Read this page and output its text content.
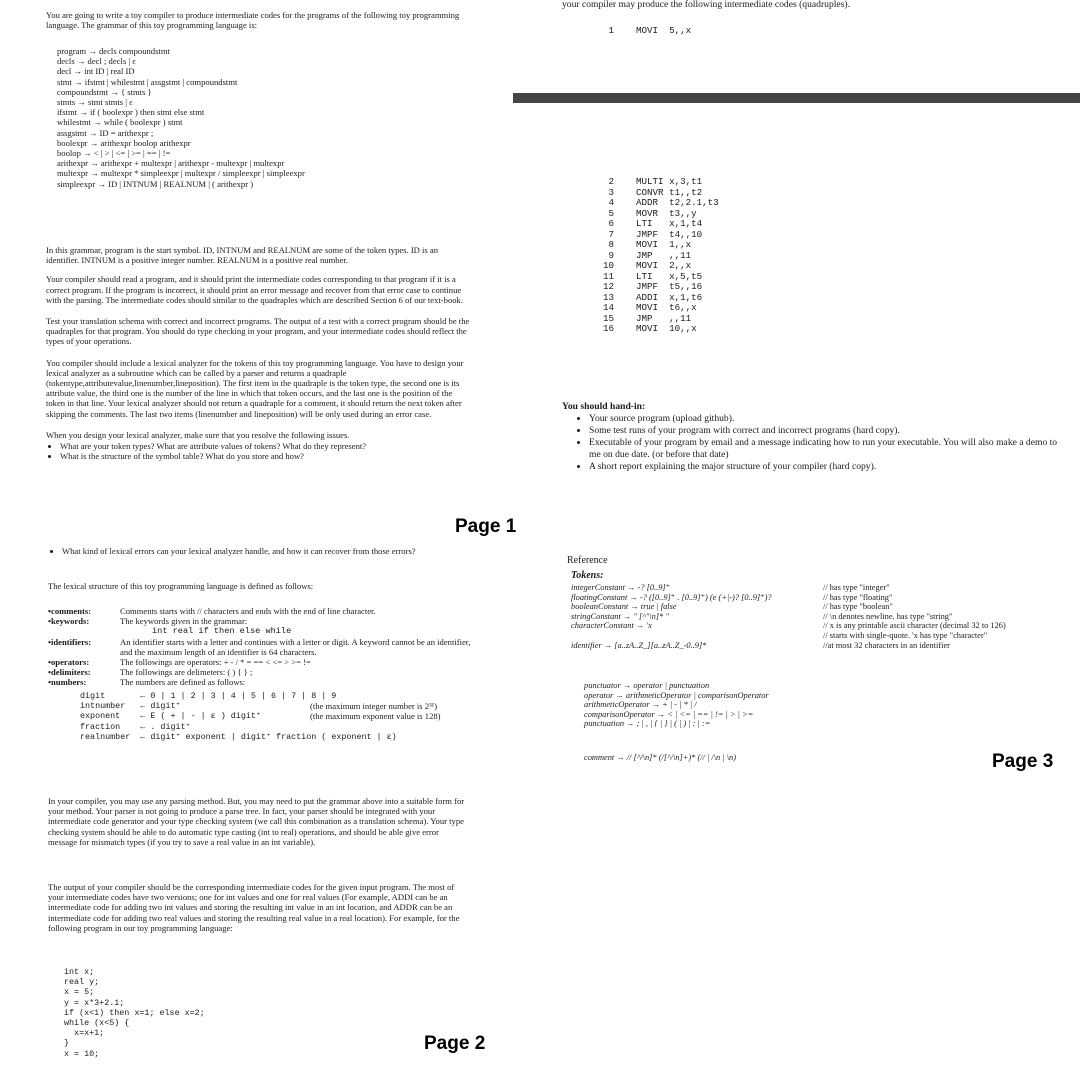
You are going to write a toy compiler to produce intermediate codes for the programs of the following toy programming language. The grammar of this toy programming language is:
program → decls compoundstmt
decls → decl ; decls | ε
decl → int ID | real ID
stmt → ifstmt | whilestmt | assgstmt | compoundstmt
compoundstmt → { stmts }
stmts → stmt stmts | ε
ifstmt → if ( boolexpr ) then stmt else stmt
whilestmt → while ( boolexpr ) stmt
assgstmt → ID = arithexpr ;
boolexpr → arithexpr boolop arithexpr
boolop → < | > | <= | >= | == | !=
arithexpr → arithexpr + multexpr | arithexpr - multexpr | multexpr
multexpr → multexpr * simpleexpr | multexpr / simpleexpr | simpleexpr
simpleexpr → ID | INTNUM | REALNUM | ( arithexpr )

In this grammar, program is the start symbol. ID, INTNUM and REALNUM are some of the token types. ID is an identifier. INTNUM is a positive integer number. REALNUM is a positive real number.

Your compiler should read a program, and it should print the intermediate codes corresponding to that program if it is a correct program. If the program is incorrect, it should print an error message and recover from that error case to continue with the parsing. The intermediate codes should similar to the quadraples which are described Section 6 of our text-book.

Test your translation schema with correct and incorrect programs. The output of a test with a correct program should be the quadraples for that program. You should do type checking in your program, and your intermediate codes should reflect the types of your operations.

You compiler should include a lexical analyzer for the tokens of this toy programming language. You have to design your lexical analyzer as a subroutine which can be called by a parser and returns a quadraple (tokentype,attributevalue,linenumber,lineposition). The first item in the quadraple is the token type, the second one is its attribute value, the third one is the number of the line in which that token occurs, and the last one is the position of the token in that line. Your lexical analyzer should not return a quadraple for a comment, it should return the next token after skipping the comments. The last two items (linenumber and lineposition) will be only used during an error case.

When you design your lexical analyzer, make sure that you resolve the following issues.

• What are your token types? What are attribute values of tokens? What do they represent?
• What is the structure of the symbol table? What do you store and how?
Page 1
your compiler may produce the following intermediate codes (quadruples).
1	MOVI  5,,x
2	MULTI x,3,t1
3	CONVR t1,,t2
4	ADDR  t2,2.1,t3
5	MOVR  t3,,y
6	LTI   x,1,t4
7	JMPF  t4,,10
8	MOVI  1,,x
9	JMP   ,,11
10	MOVI  2,,x
11	LTI   x,5,t5
12	JMPF  t5,,16
13	ADDI  x,1,t6
14	MOVI  t6,,x
15	JMP   ,,11
16	MOVI  10,,x
You should hand-in:
• Your source program (upload github).
• Some test runs of your program with correct and incorrect programs (hard copy).
• Executable of your program by email and a message indicating how to run your executable. You will also make a demo to me on due date. (or before that date)
• A short report explaining the major structure of your compiler (hard copy).
• What kind of lexical errors can your lexical analyzer handle, and how it can recover from those errors?
The lexical structure of this toy programming language is defined as follows:
•comments:	Comments starts with // characters and ends with the end of line character.
•keywords:	The keywords given in the grammar:
int real if then else while
•identifiers:	An identifier starts with a letter and continues with a letter or digit. A keyword cannot be an identifier, and the maximum length of an identifier is 64 characters.
•operators:	The followings are operators: + - / * = == < <= > >= !=
•delimiters:	The followings are delimeters: ( ) { } ;
•numbers:	The numbers are defined as follows:
digit       ← 0 | 1 | 2 | 3 | 4 | 5 | 6 | 7 | 8 | 9
intnumber   ← digit⁺	(the maximum integer number is 2³¹)
exponent    ← E ( + | - | ε ) digit⁺	(the maximum exponent value is 128)
fraction    ← . digit⁺
realnumber  ← digit⁺ exponent | digit⁺ fraction ( exponent | ε)
In your compiler, you may use any parsing method. But, you may need to put the grammar above into a suitable form for your method. Your parser is not going to produce a parse tree. In fact, your parser should be integrated with your intermediate code generator and your type checking system (we call this combination as a translation schema). Your type checking system should be able to do automatic type casting (int to real) operations, and should be able give error message for mismatch types (if you try to save a real value in an int variable).
The output of your compiler should be the corresponding intermediate codes for the given input program. The most of your intermediate codes have two versions; one for int values and one for real values (For example, ADDI can be an intermediate code for adding two int values and storing the resulting int value in an int location, and ADDR can be an intermediate code for adding two real values and storing the resulting real value in a real location). For example, for the following program in our toy programming language:
int x;
real y;
x = 5;
y = x*3+2.1;
if (x<1) then x=1; else x=2;
while (x<5) {
x=x+1;
}
x = 10;	Page 2
Reference
Tokens:
integerConstant → -? [0..9]⁺	// has type "integer"
floatingConstant → -? ([0..9]⁺ . [0..9]⁺) (e (+|-)? [0..9]⁺)?	// has type "floating"
booleanConstant → true | false	// has type "boolean"
stringConstant → " [^"\n]* "	// \n denotes newline. has type "string"
characterConstant → 'x	// x is any printable ascii character (decimal 32 to 126)
// starts with single-quote. 'x has type "character"
identifier → [a..zA..Z_][a..zA..Z_-0..9]*	//at most 32 characters in an identifier
punctuator → operator | punctuation
operator → arithmeticOperator | comparisonOperator
arithmeticOperator → + | - | * | /
comparisonOperator → < | <= | == | != | > | >=
punctuation → ; | , | { | } | ( | ) | : | :=
comment → // [^/\n]* (/[^/\n]+)* (// | /\n | \n)	Page 3
